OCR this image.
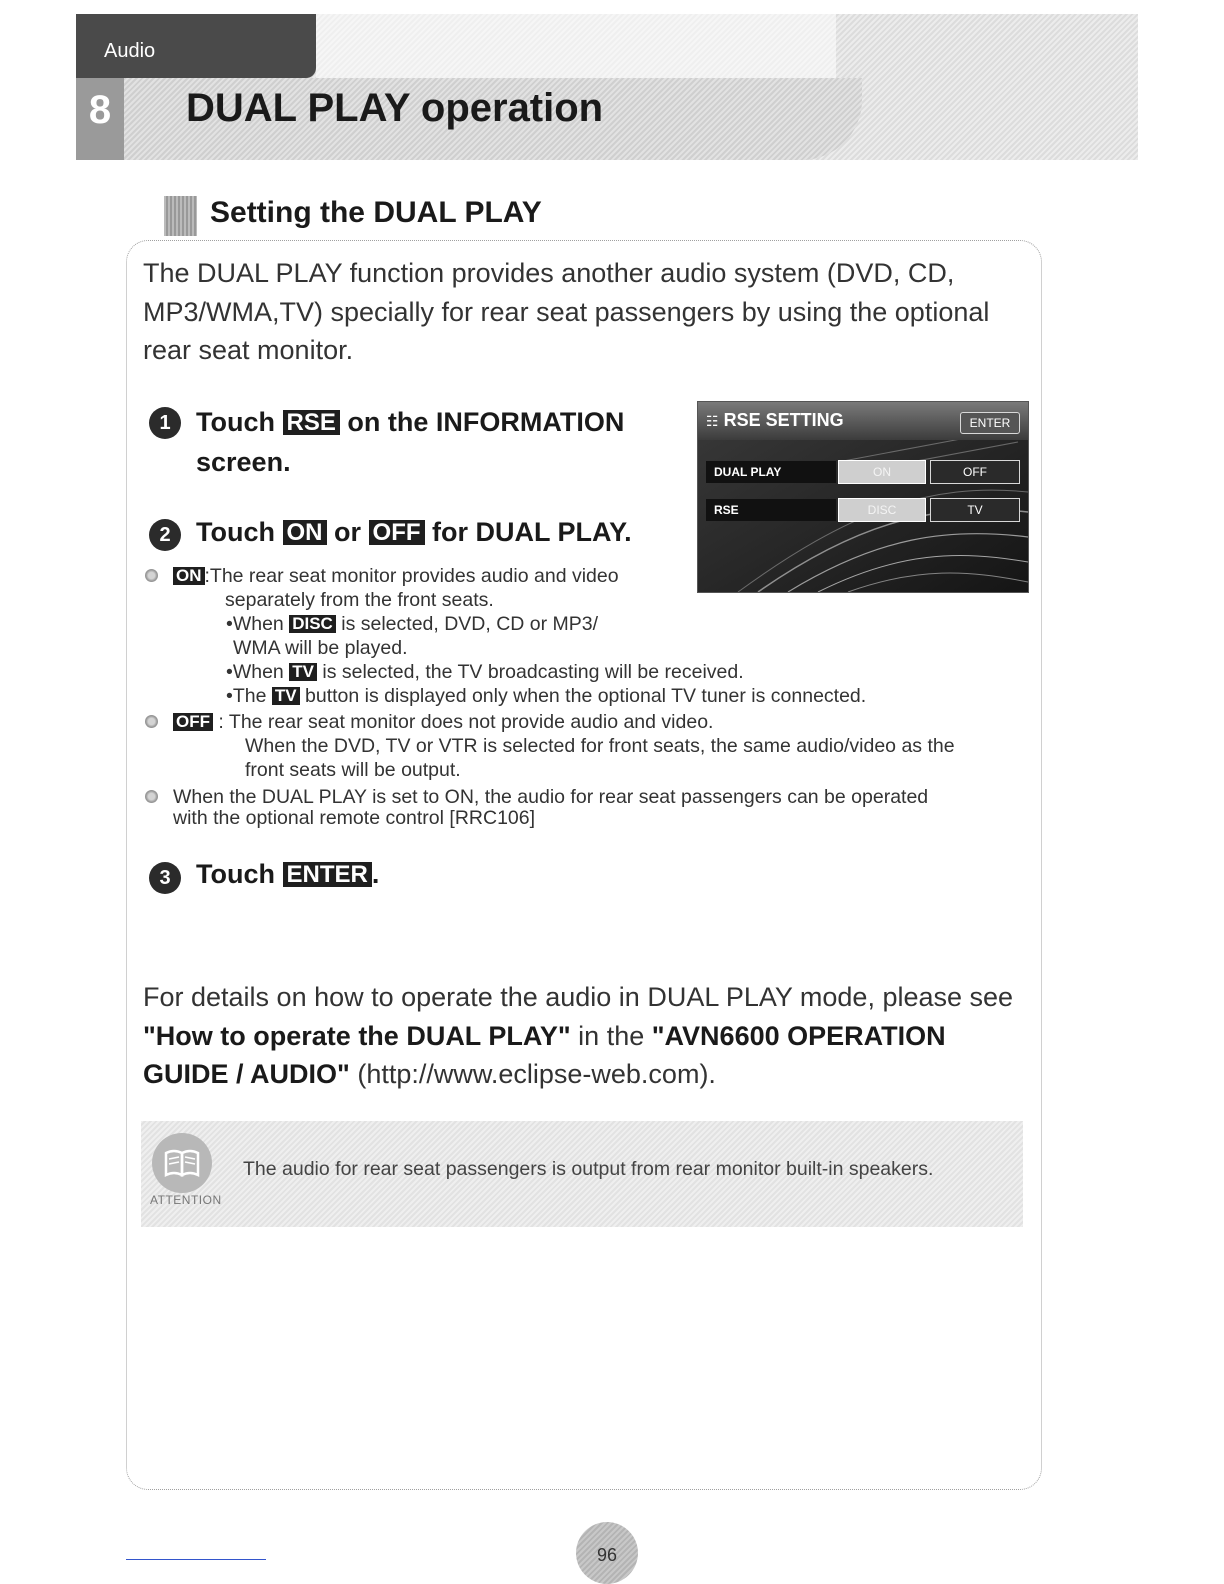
Audio
8	DUAL PLAY operation
Setting the DUAL PLAY
The DUAL PLAY function provides another audio system (DVD, CD, MP3/WMA,TV) specially for rear seat passengers by using the optional rear seat monitor.
1 Touch RSE on the INFORMATION
screen.
2 Touch ON or OFF for DUAL PLAY.
ON :The rear seat monitor provides audio and video
separately from the front seats.
•When DISC is selected, DVD, CD or MP3/
WMA will be played.
•When TV is selected, the TV broadcasting will be received.
•The TV button is displayed only when the optional TV tuner is connected.
OFF : The rear seat monitor does not provide audio and video.
When the DVD, TV or VTR is selected for front seats, the same audio/video as the
front seats will be output.
When the DUAL PLAY is set to ON, the audio for rear seat passengers can be operated
with the optional remote control [RRC106]
3 Touch ENTER .
☷ RSE SETTING	ENTER
DUAL PLAY	ON	OFF
RSE	DISC	TV
For details on how to operate the audio in DUAL PLAY mode, please see "How to operate the DUAL PLAY" in the "AVN6600 OPERATION GUIDE / AUDIO" (http://www.eclipse-web.com).
ATTENTION
The audio for rear seat passengers is output from rear monitor built-in speakers.
96
